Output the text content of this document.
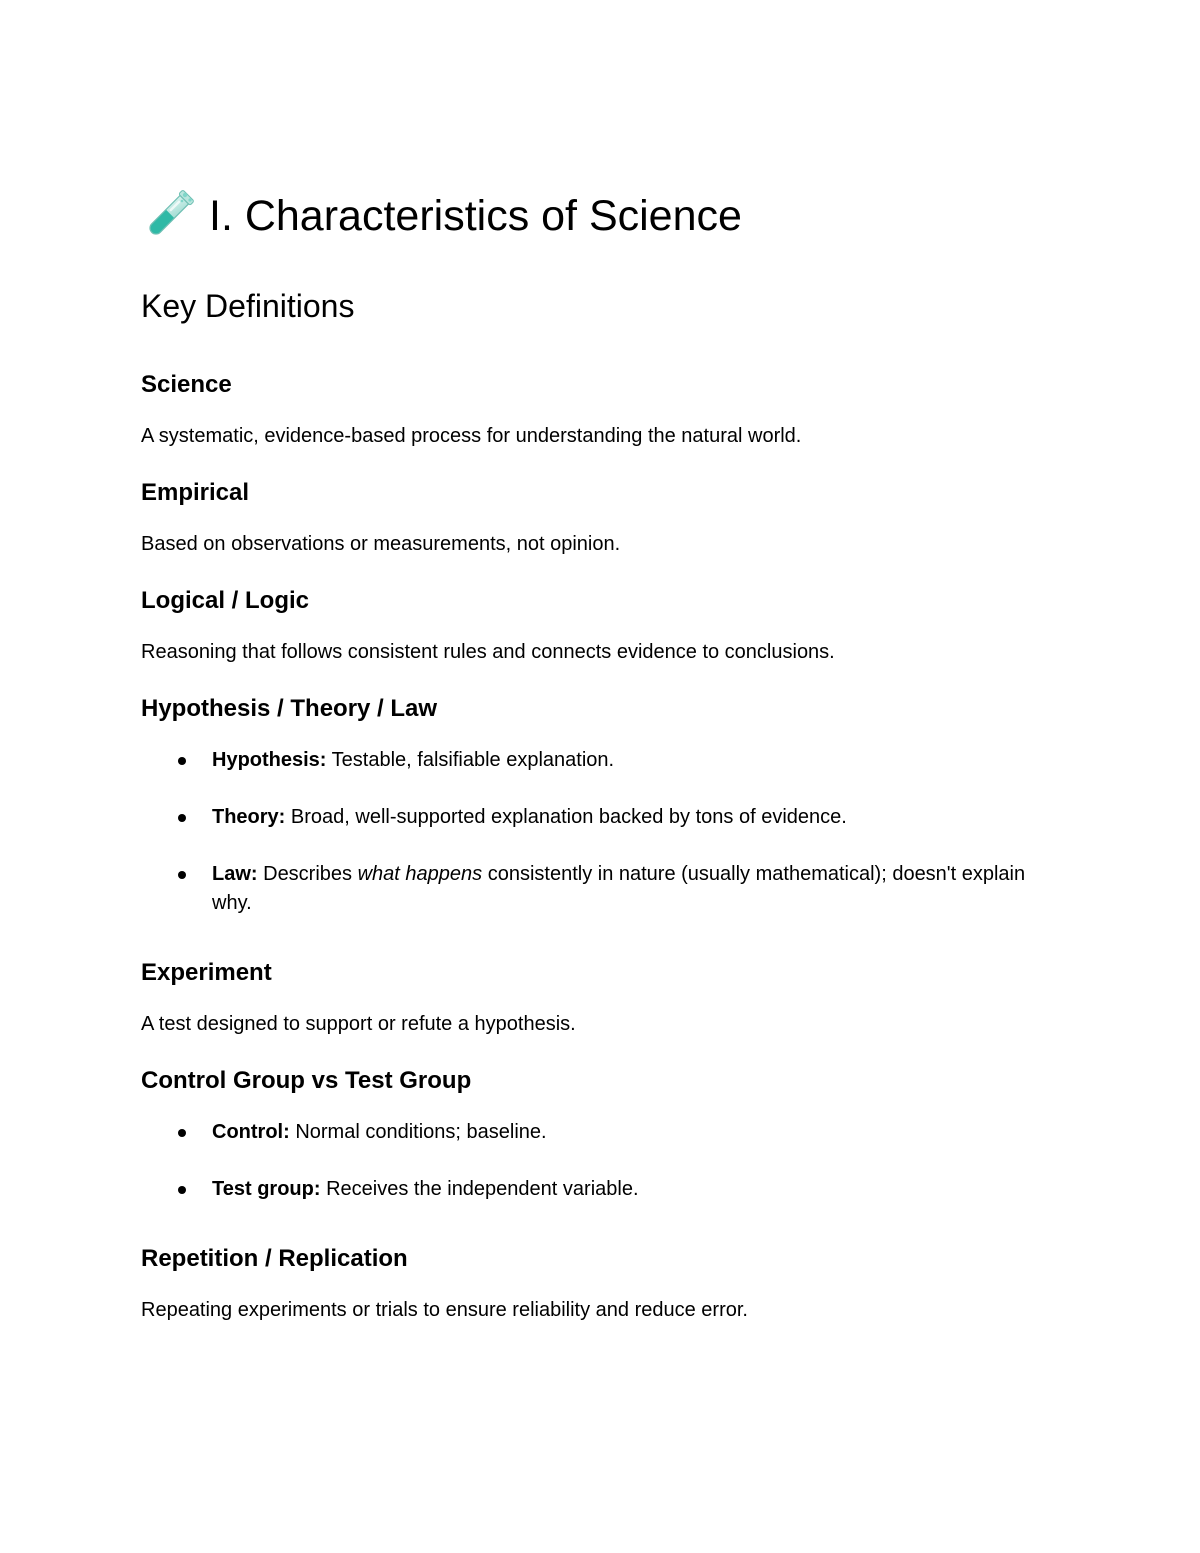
I. Characteristics of Science
Key Definitions
Science
A systematic, evidence-based process for understanding the natural world.
Empirical
Based on observations or measurements, not opinion.
Logical / Logic
Reasoning that follows consistent rules and connects evidence to conclusions.
Hypothesis / Theory / Law
Hypothesis: Testable, falsifiable explanation.
Theory: Broad, well-supported explanation backed by tons of evidence.
Law: Describes what happens consistently in nature (usually mathematical); doesn't explain why.
Experiment
A test designed to support or refute a hypothesis.
Control Group vs Test Group
Control: Normal conditions; baseline.
Test group: Receives the independent variable.
Repetition / Replication
Repeating experiments or trials to ensure reliability and reduce error.
